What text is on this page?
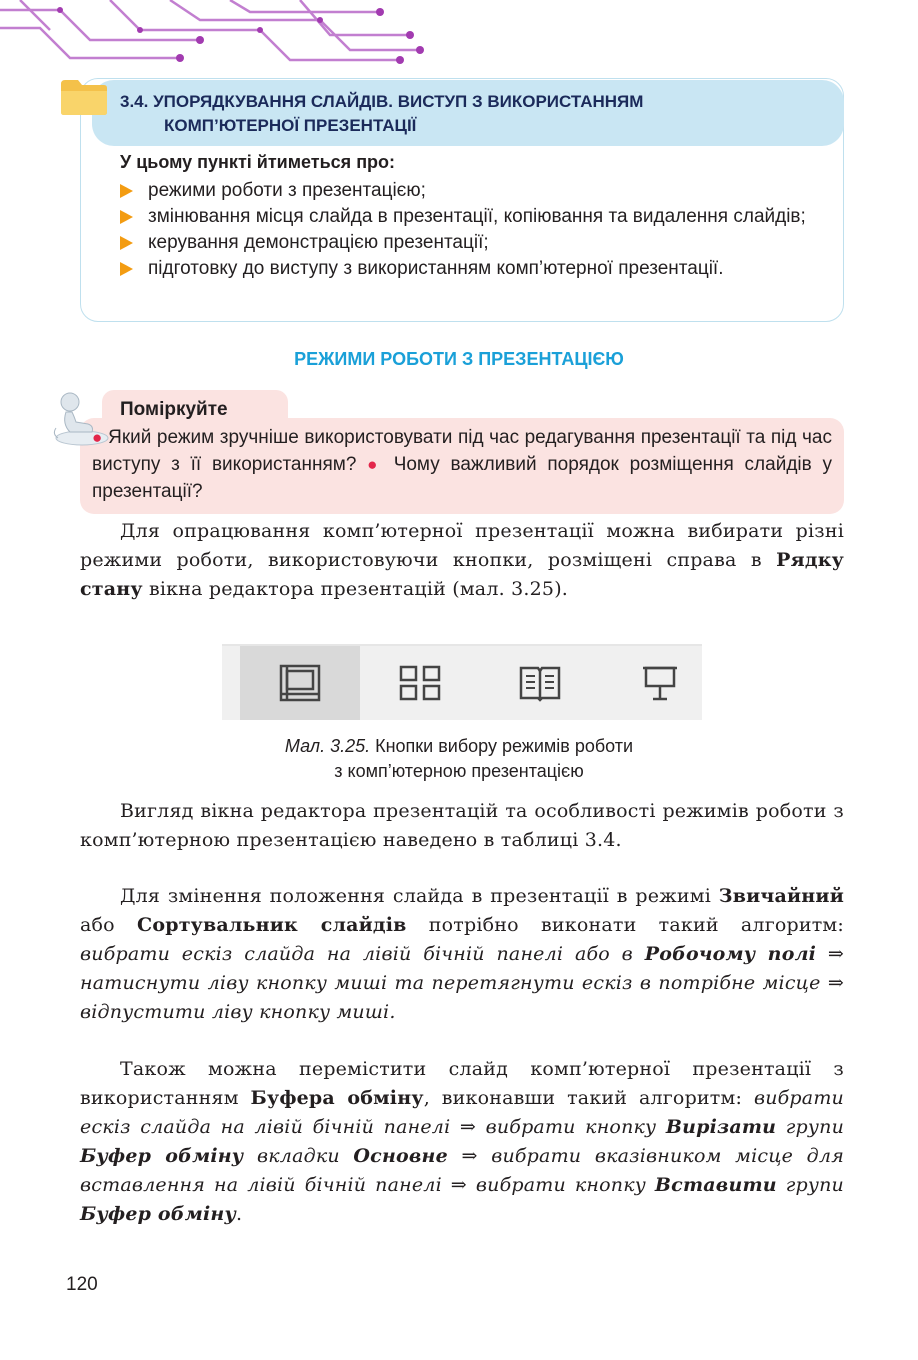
3.4. УПОРЯДКУВАННЯ СЛАЙДІВ. ВИСТУП З ВИКОРИСТАННЯМ
КОМП’ЮТЕРНОЇ ПРЕЗЕНТАЦІЇ

У цьому пункті йтиметься про:

режими роботи з презентацією;
змінювання місця слайда в презентації, копіювання та видалення слайдів;
керування демонстрацією презентації;
підготовку до виступу з використанням комп’ютерної презентації.
РЕЖИМИ РОБОТИ З ПРЕЗЕНТАЦІЄЮ

Поміркуйте

● Який режим зручніше використовувати під час редагування презентації та під час виступу з її використанням? ● Чому важливий порядок розміщення слайдів у презентації?

Для опрацювання комп’ютерної презентації можна вибирати різні режими роботи, використовуючи кнопки, розміщені справа в Рядку стану вікна редактора презентацій (мал. 3.25).

Мал. 3.25. Кнопки вибору режимів роботи
з комп’ютерною презентацією

Вигляд вікна редактора презентацій та особливості режимів роботи з комп’ютерною презентацією наведено в таблиці 3.4.

Для змінення положення слайда в презентації в режимі Звичайний або Сортувальник слайдів потрібно виконати такий алгоритм: вибрати ескіз слайда на лівій бічній панелі або в Робочому полі ⇒ натиснути ліву кнопку миші та перетягнути ескіз в потрібне місце ⇒ відпустити ліву кнопку миші.

Також можна перемістити слайд комп’ютерної презентації з використанням Буфера обміну, виконавши такий алгоритм: вибрати ескіз слайда на лівій бічній панелі ⇒ вибрати кнопку Вирізати групи Буфер обміну вкладки Основне ⇒ вибрати вказівником місце для вставлення на лівій бічній панелі ⇒ вибрати кнопку Вставити групи Буфер обміну.

120
